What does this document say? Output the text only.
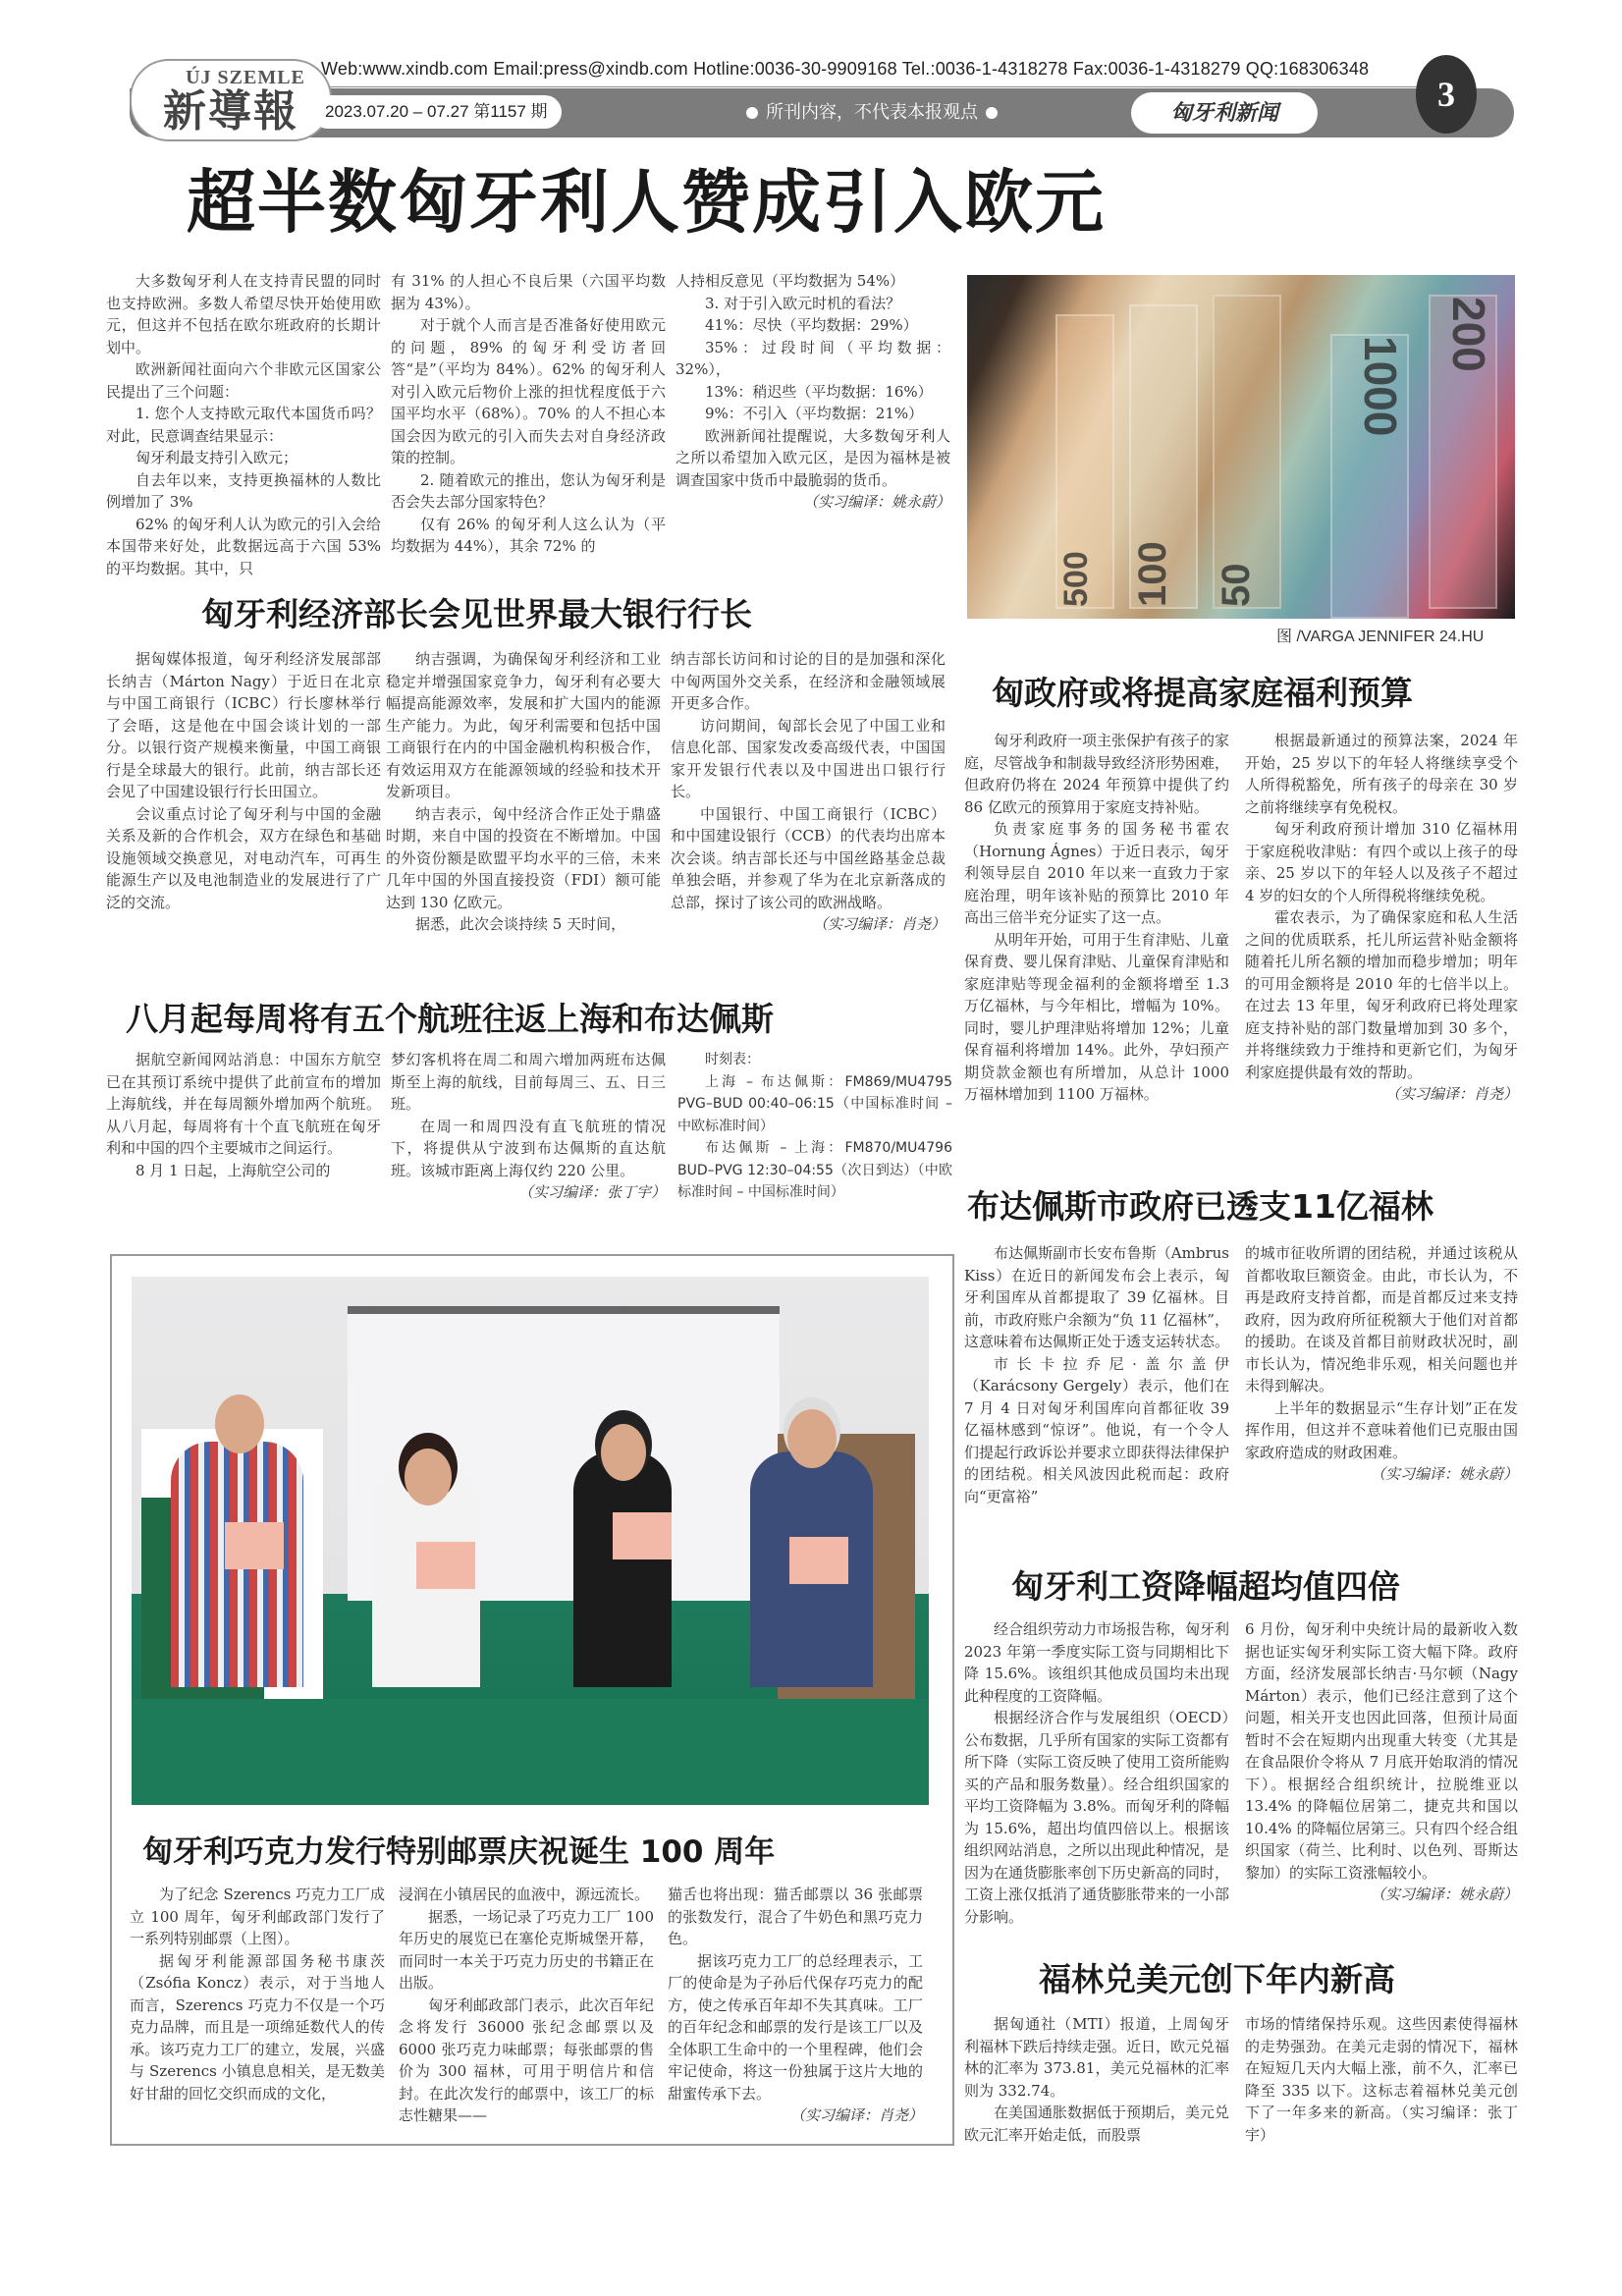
ÚJ SZEMLE
新導報
Web:www.xindb.com Email:press@xindb.com Hotline:0036-30-9909168 Tel.:0036-1-4318278 Fax:0036-1-4318279 QQ:168306348
2023.07.20 – 07.27 第1157 期	所刊内容，不代表本报观点	匈牙利新闻	3
超半数匈牙利人赞成引入欧元

大多数匈牙利人在支持青民盟的同时也支持欧洲。多数人希望尽快开始使用欧元，但这并不包括在欧尔班政府的长期计划中。

欧洲新闻社面向六个非欧元区国家公民提出了三个问题：

1. 您个人支持欧元取代本国货币吗？对此，民意调查结果显示：

匈牙利最支持引入欧元；

自去年以来，支持更换福林的人数比例增加了 3%

62% 的匈牙利人认为欧元的引入会给本国带来好处，此数据远高于六国 53% 的平均数据。其中，只

有 31% 的人担心不良后果（六国平均数据为 43%）。

对于就个人而言是否准备好使用欧元的问题，89% 的匈牙利受访者回答“是”（平均为 84%）。62% 的匈牙利人对引入欧元后物价上涨的担忧程度低于六国平均水平（68%）。70% 的人不担心本国会因为欧元的引入而失去对自身经济政策的控制。

2. 随着欧元的推出，您认为匈牙利是否会失去部分国家特色？

仅有 26% 的匈牙利人这么认为（平均数据为 44%），其余 72% 的

人持相反意见（平均数据为 54%）

3. 对于引入欧元时机的看法？

41%：尽快（平均数据：29%）

35%：过段时间（平均数据：32%），

13%：稍迟些（平均数据：16%）

9%：不引入（平均数据：21%）

欧洲新闻社提醒说，大多数匈牙利人之所以希望加入欧元区，是因为福林是被调查国家中货币中最脆弱的货币。

（实习编译：姚永蔚）

500 100	50
1000
200
图 /VARGA JENNIFER 24.HU
匈牙利经济部长会见世界最大银行行长

据匈媒体报道，匈牙利经济发展部部长纳吉（Márton Nagy）于近日在北京与中国工商银行（ICBC）行长廖林举行了会晤，这是他在中国会谈计划的一部分。以银行资产规模来衡量，中国工商银行是全球最大的银行。此前，纳吉部长还会见了中国建设银行行长田国立。

会议重点讨论了匈牙利与中国的金融关系及新的合作机会，双方在绿色和基础设施领域交换意见，对电动汽车，可再生能源生产以及电池制造业的发展进行了广泛的交流。

纳吉强调，为确保匈牙利经济和工业稳定并增强国家竞争力，匈牙利有必要大幅提高能源效率，发展和扩大国内的能源生产能力。为此，匈牙利需要和包括中国工商银行在内的中国金融机构积极合作，有效运用双方在能源领域的经验和技术开发新项目。

纳吉表示，匈中经济合作正处于鼎盛时期，来自中国的投资在不断增加。中国的外资份额是欧盟平均水平的三倍，未来几年中国的外国直接投资（FDI）额可能达到 130 亿欧元。

据悉，此次会谈持续 5 天时间，

纳吉部长访问和讨论的目的是加强和深化中匈两国外交关系，在经济和金融领域展开更多合作。

访问期间，匈部长会见了中国工业和信息化部、国家发改委高级代表，中国国家开发银行代表以及中国进出口银行行长。

中国银行、中国工商银行（ICBC）和中国建设银行（CCB）的代表均出席本次会谈。纳吉部长还与中国丝路基金总裁单独会晤，并参观了华为在北京新落成的总部，探讨了该公司的欧洲战略。

（实习编译：肖尧）

八月起每周将有五个航班往返上海和布达佩斯

据航空新闻网站消息：中国东方航空已在其预订系统中提供了此前宣布的增加上海航线，并在每周额外增加两个航班。从八月起，每周将有十个直飞航班在匈牙利和中国的四个主要城市之间运行。

8 月 1 日起，上海航空公司的

梦幻客机将在周二和周六增加两班布达佩斯至上海的航线，目前每周三、五、日三班。

在周一和周四没有直飞航班的情况下，将提供从宁波到布达佩斯的直达航班。该城市距离上海仅约 220 公里。

（实习编译：张丁宇）

时刻表：

上海 – 布达佩斯：FM869/MU4795 PVG–BUD 00:40–06:15（中国标准时间 – 中欧标准时间）

布达佩斯 – 上海：FM870/MU4796 BUD–PVG 12:30–04:55（次日到达）（中欧标准时间 – 中国标准时间）

匈政府或将提高家庭福利预算

匈牙利政府一项主张保护有孩子的家庭，尽管战争和制裁导致经济形势困难，但政府仍将在 2024 年预算中提供了约 86 亿欧元的预算用于家庭支持补贴。

负责家庭事务的国务秘书霍农（Hornung Ágnes）于近日表示，匈牙利领导层自 2010 年以来一直致力于家庭治理，明年该补贴的预算比 2010 年高出三倍半充分证实了这一点。

从明年开始，可用于生育津贴、儿童保育费、婴儿保育津贴、儿童保育津贴和家庭津贴等现金福利的金额将增至 1.3 万亿福林，与今年相比，增幅为 10%。同时，婴儿护理津贴将增加 12%；儿童保育福利将增加 14%。此外，孕妇预产期贷款金额也有所增加，从总计 1000 万福林增加到 1100 万福林。

根据最新通过的预算法案，2024 年开始，25 岁以下的年轻人将继续享受个人所得税豁免，所有孩子的母亲在 30 岁之前将继续享有免税权。

匈牙利政府预计增加 310 亿福林用于家庭税收津贴：有四个或以上孩子的母亲、25 岁以下的年轻人以及孩子不超过 4 岁的妇女的个人所得税将继续免税。

霍农表示，为了确保家庭和私人生活之间的优质联系，托儿所运营补贴金额将随着托儿所名额的增加而稳步增加；明年的可用金额将是 2010 年的七倍半以上。在过去 13 年里，匈牙利政府已将处理家庭支持补贴的部门数量增加到 30 多个，并将继续致力于维持和更新它们，为匈牙利家庭提供最有效的帮助。

（实习编译：肖尧）

布达佩斯市政府已透支11亿福林

布达佩斯副市长安布鲁斯（Ambrus Kiss）在近日的新闻发布会上表示，匈牙利国库从首都提取了 39 亿福林。目前，市政府账户余额为“负 11 亿福林”，这意味着布达佩斯正处于透支运转状态。

市长卡拉乔尼·盖尔盖伊（Karácsony Gergely）表示，他们在 7 月 4 日对匈牙利国库向首都征收 39 亿福林感到“惊讶”。他说，有一个令人们提起行政诉讼并要求立即获得法律保护的团结税。相关风波因此税而起：政府向“更富裕”

的城市征收所谓的团结税，并通过该税从首都收取巨额资金。由此，市长认为，不再是政府支持首都，而是首都反过来支持政府，因为政府所征税额大于他们对首都的援助。在谈及首都目前财政状况时，副市长认为，情况绝非乐观，相关问题也并未得到解决。

上半年的数据显示“生存计划”正在发挥作用，但这并不意味着他们已克服由国家政府造成的财政困难。

（实习编译：姚永蔚）

匈牙利工资降幅超均值四倍

经合组织劳动力市场报告称，匈牙利 2023 年第一季度实际工资与同期相比下降 15.6%。该组织其他成员国均未出现此种程度的工资降幅。

根据经济合作与发展组织（OECD）公布数据，几乎所有国家的实际工资都有所下降（实际工资反映了使用工资所能购买的产品和服务数量）。经合组织国家的平均工资降幅为 3.8%。而匈牙利的降幅为 15.6%，超出均值四倍以上。根据该组织网站消息，之所以出现此种情况，是因为在通货膨胀率创下历史新高的同时，工资上涨仅抵消了通货膨胀带来的一小部分影响。

6 月份，匈牙利中央统计局的最新收入数据也证实匈牙利实际工资大幅下降。政府方面，经济发展部长纳吉·马尔顿（Nagy Márton）表示，他们已经注意到了这个问题，相关开支也因此回落，但预计局面暂时不会在短期内出现重大转变（尤其是在食品限价令将从 7 月底开始取消的情况下）。根据经合组织统计，拉脱维亚以 13.4% 的降幅位居第二，捷克共和国以 10.4% 的降幅位居第三。只有四个经合组织国家（荷兰、比利时、以色列、哥斯达黎加）的实际工资涨幅较小。

（实习编译：姚永蔚）

福林兑美元创下年内新高

据匈通社（MTI）报道，上周匈牙利福林下跌后持续走强。近日，欧元兑福林的汇率为 373.81，美元兑福林的汇率则为 332.74。

在美国通胀数据低于预期后，美元兑欧元汇率开始走低，而股票

市场的情绪保持乐观。这些因素使得福林的走势强劲。在美元走弱的情况下，福林在短短几天内大幅上涨，前不久，汇率已降至 335 以下。这标志着福林兑美元创下了一年多来的新高。（实习编译：张丁宇）

匈牙利巧克力发行特别邮票庆祝诞生 100 周年

为了纪念 Szerencs 巧克力工厂成立 100 周年，匈牙利邮政部门发行了一系列特别邮票（上图）。

据匈牙利能源部国务秘书康茨（Zsófia Koncz）表示，对于当地人而言，Szerencs 巧克力不仅是一个巧克力品牌，而且是一项绵延数代人的传承。该巧克力工厂的建立，发展，兴盛与 Szerencs 小镇息息相关，是无数美好甘甜的回忆交织而成的文化，

浸润在小镇居民的血液中，源远流长。

据悉，一场记录了巧克力工厂 100 年历史的展览已在塞伦克斯城堡开幕，而同时一本关于巧克力历史的书籍正在出版。

匈牙利邮政部门表示，此次百年纪念将发行 36000 张纪念邮票以及 6000 张巧克力味邮票；每张邮票的售价为 300 福林，可用于明信片和信封。在此次发行的邮票中，该工厂的标志性糖果——

猫舌也将出现：猫舌邮票以 36 张邮票的张数发行，混合了牛奶色和黑巧克力色。

据该巧克力工厂的总经理表示，工厂的使命是为子孙后代保存巧克力的配方，使之传承百年却不失其真味。工厂的百年纪念和邮票的发行是该工厂以及全体职工生命中的一个里程碑，他们会牢记使命，将这一份独属于这片大地的甜蜜传承下去。

（实习编译：肖尧）
